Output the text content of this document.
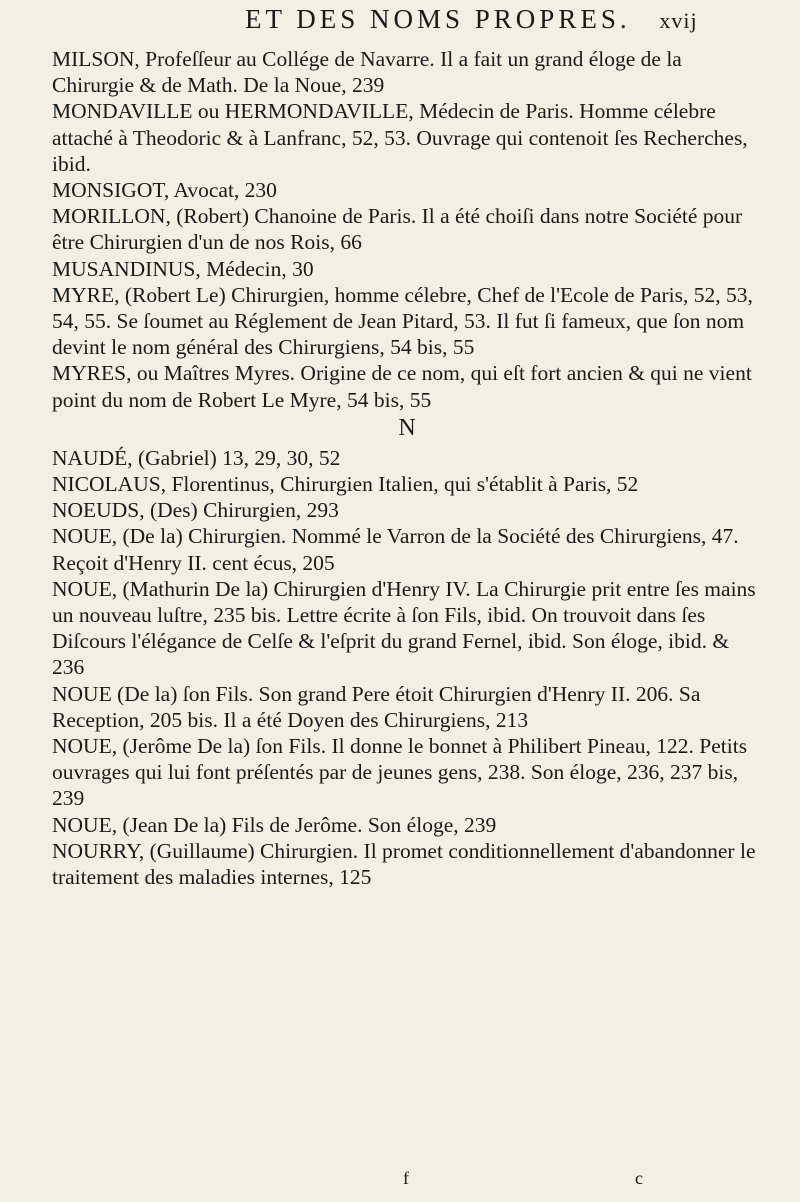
ET DES NOMS PROPRES. xvij

MILSON, Profeſſeur au Collége de Navarre. Il a fait un grand éloge de la Chirurgie & de Math. De la Noue, 239

MONDAVILLE ou HERMONDAVILLE, Médecin de Paris. Homme célebre attaché à Theodoric & à Lanfranc, 52, 53. Ouvrage qui contenoit ſes Recherches, ibid.

MONSIGOT, Avocat, 230

MORILLON, (Robert) Chanoine de Paris. Il a été choiſi dans notre Société pour être Chirurgien d'un de nos Rois, 66

MUSANDINUS, Médecin, 30

MYRE, (Robert Le) Chirurgien, homme célebre, Chef de l'Ecole de Paris, 52, 53, 54, 55. Se ſoumet au Réglement de Jean Pitard, 53. Il fut ſi fameux, que ſon nom devint le nom général des Chirurgiens, 54 bis, 55

MYRES, ou Maîtres Myres. Origine de ce nom, qui eſt fort ancien & qui ne vient point du nom de Robert Le Myre, 54 bis, 55

N

NAUDÉ, (Gabriel) 13, 29, 30, 52

NICOLAUS, Florentinus, Chirurgien Italien, qui s'établit à Paris, 52

NOEUDS, (Des) Chirurgien, 293

NOUE, (De la) Chirurgien. Nommé le Varron de la Société des Chirurgiens, 47. Reçoit d'Henry II. cent écus, 205

NOUE, (Mathurin De la) Chirurgien d'Henry IV. La Chirurgie prit entre ſes mains un nouveau luſtre, 235 bis. Lettre écrite à ſon Fils, ibid. On trouvoit dans ſes Diſcours l'élégance de Celſe & l'eſprit du grand Fernel, ibid. Son éloge, ibid. & 236

NOUE (De la) ſon Fils. Son grand Pere étoit Chirurgien d'Henry II. 206. Sa Reception, 205 bis. Il a été Doyen des Chirurgiens, 213

NOUE, (Jerôme De la) ſon Fils. Il donne le bonnet à Philibert Pineau, 122. Petits ouvrages qui lui font préſentés par de jeunes gens, 238. Son éloge, 236, 237 bis, 239

NOUE, (Jean De la) Fils de Jerôme. Son éloge, 239

NOURRY, (Guillaume) Chirurgien. Il promet conditionnellement d'abandonner le traitement des maladies internes, 125

f	c
